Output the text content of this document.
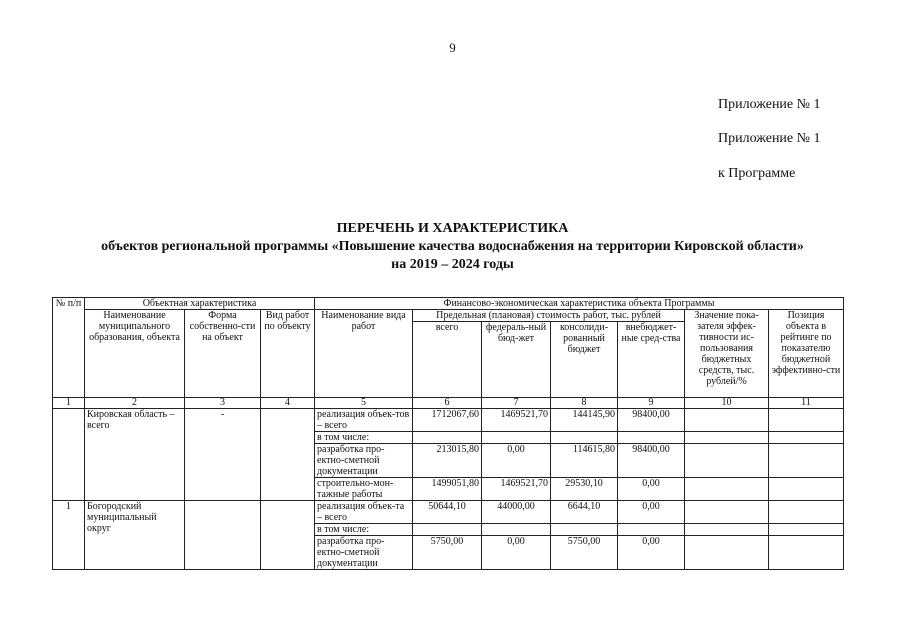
9
Приложение № 1
Приложение № 1
к Программе
ПЕРЕЧЕНЬ И ХАРАКТЕРИСТИКА
объектов региональной программы «Повышение качества водоснабжения на территории Кировской области»
на 2019 – 2024 годы
№ п/п	Объектная характеристика			Финансово-экономическая характеристика объекта Программы						
	Наименование муниципального образования, объекта	Форма собственно-сти на объект	Вид работ по объекту	Наименование вида работ	Предельная (плановая) стоимость работ, тыс. рублей				Значение пока-зателя эффек-тивности ис-пользования бюджетных средств, тыс. рублей/%	Позиция объекта в рейтинге по показателю бюджетной эффективно-сти
					всего	федераль-ный бюд-жет	консолиди-рованный бюджет	внебюджет-ные сред-ства		
1	2	3	4	5	6	7	8	9	10	11
	Кировская область – всего	-		реализация объек-тов – всего	1712067,60	1469521,70	144145,90	98400,00		
				в том числе:						
				разработка про-ектно-сметной документации	213015,80	0,00	114615,80	98400,00		
				строительно-мон-тажные работы	1499051,80	1469521,70	29530,10	0,00		
1	Богородский муниципальный округ			реализация объек-та – всего	50644,10	44000,00	6644,10	0,00		
				в том числе:						
				разработка про-ектно-сметной документации	5750,00	0,00	5750,00	0,00		
